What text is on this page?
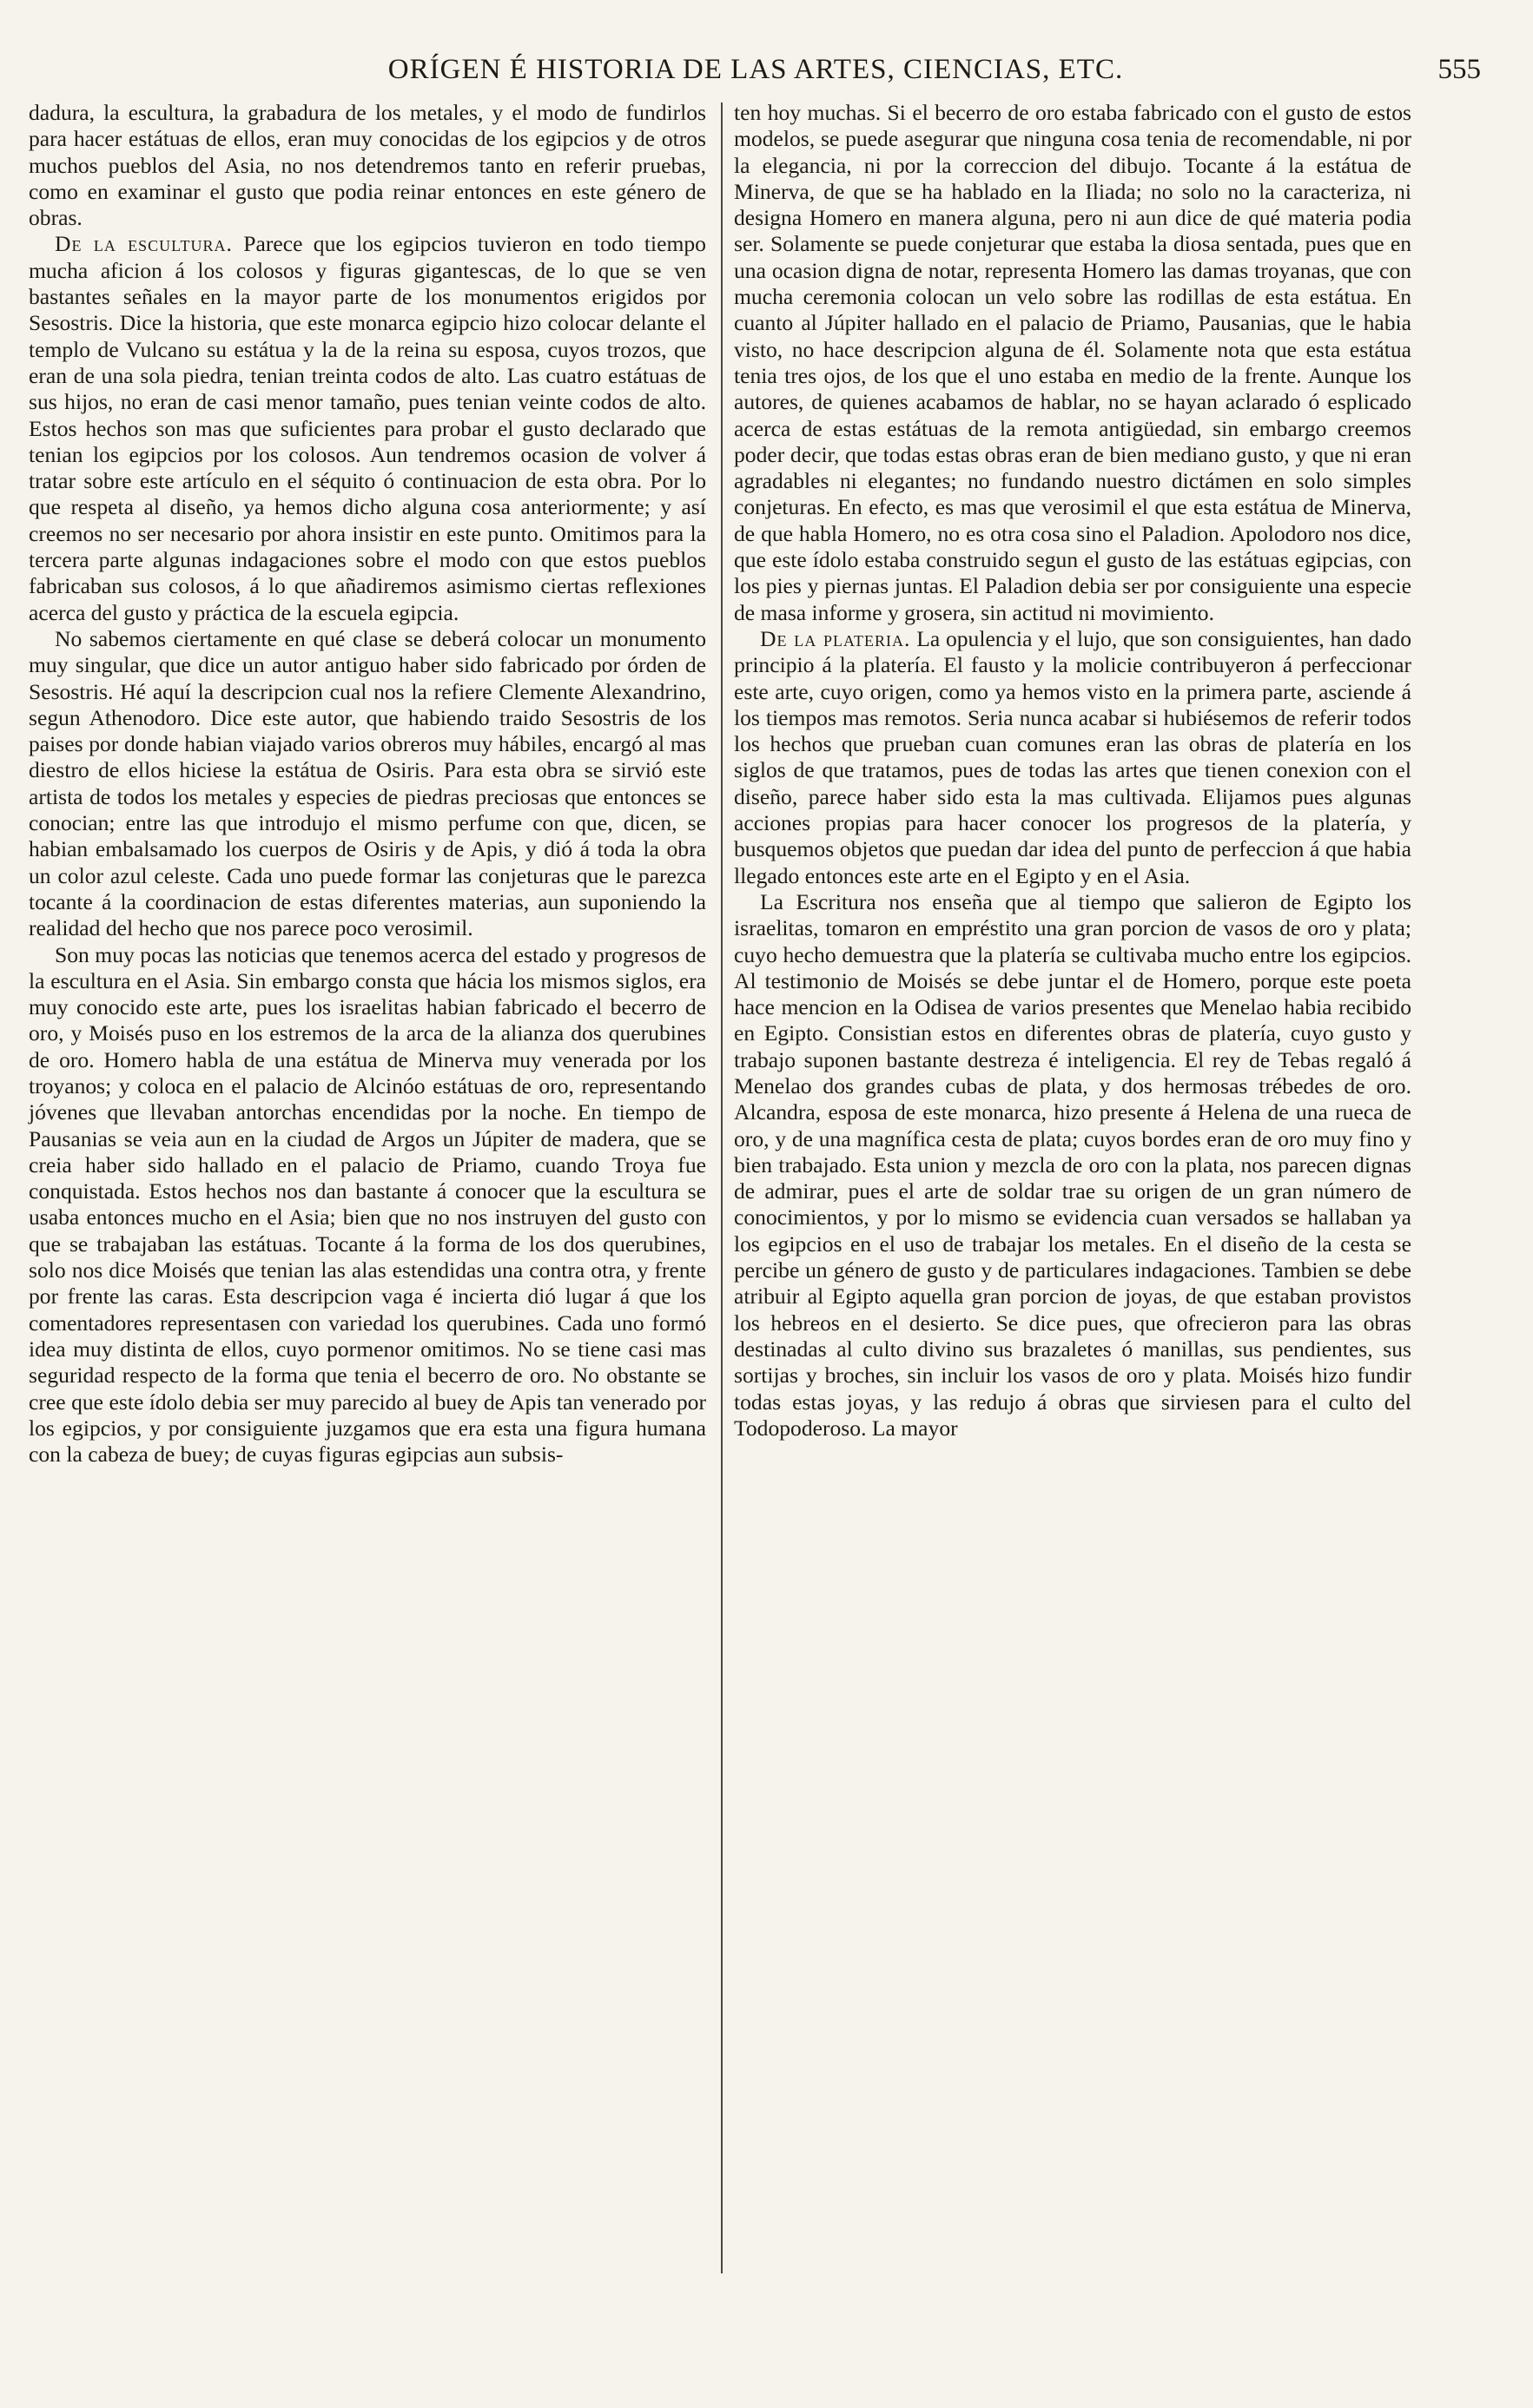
ORÍGEN É HISTORIA DE LAS ARTES, CIENCIAS, ETC.	555

dadura, la escultura, la grabadura de los metales, y el modo de fundirlos para hacer estátuas de ellos, eran muy conocidas de los egipcios y de otros muchos pueblos del Asia, no nos detendremos tanto en referir pruebas, como en examinar el gusto que podia reinar entonces en este género de obras.

De la escultura. Parece que los egipcios tuvieron en todo tiempo mucha aficion á los colosos y figuras gigantescas, de lo que se ven bastantes señales en la mayor parte de los monumentos erigidos por Sesostris. Dice la historia, que este monarca egipcio hizo colocar delante el templo de Vulcano su estátua y la de la reina su esposa, cuyos trozos, que eran de una sola piedra, tenian treinta codos de alto. Las cuatro estátuas de sus hijos, no eran de casi menor tamaño, pues tenian veinte codos de alto. Estos hechos son mas que suficientes para probar el gusto declarado que tenian los egipcios por los colosos. Aun tendremos ocasion de volver á tratar sobre este artículo en el séquito ó continuacion de esta obra. Por lo que respeta al diseño, ya hemos dicho alguna cosa anteriormente; y así creemos no ser necesario por ahora insistir en este punto. Omitimos para la tercera parte algunas indagaciones sobre el modo con que estos pueblos fabricaban sus colosos, á lo que añadiremos asimismo ciertas reflexiones acerca del gusto y práctica de la escuela egipcia.

No sabemos ciertamente en qué clase se deberá colocar un monumento muy singular, que dice un autor antiguo haber sido fabricado por órden de Sesostris. Hé aquí la descripcion cual nos la refiere Clemente Alexandrino, segun Athenodoro. Dice este autor, que habiendo traido Sesostris de los paises por donde habian viajado varios obreros muy hábiles, encargó al mas diestro de ellos hiciese la estátua de Osiris. Para esta obra se sirvió este artista de todos los metales y especies de piedras preciosas que entonces se conocian; entre las que introdujo el mismo perfume con que, dicen, se habian embalsamado los cuerpos de Osiris y de Apis, y dió á toda la obra un color azul celeste. Cada uno puede formar las conjeturas que le parezca tocante á la coordinacion de estas diferentes materias, aun suponiendo la realidad del hecho que nos parece poco verosimil.

Son muy pocas las noticias que tenemos acerca del estado y progresos de la escultura en el Asia. Sin embargo consta que hácia los mismos siglos, era muy conocido este arte, pues los israelitas habian fabricado el becerro de oro, y Moisés puso en los estremos de la arca de la alianza dos querubines de oro. Homero habla de una estátua de Minerva muy venerada por los troyanos; y coloca en el palacio de Alcinóo estátuas de oro, representando jóvenes que llevaban antorchas encendidas por la noche. En tiempo de Pausanias se veia aun en la ciudad de Argos un Júpiter de madera, que se creia haber sido hallado en el palacio de Priamo, cuando Troya fue conquistada. Estos hechos nos dan bastante á conocer que la escultura se usaba entonces mucho en el Asia; bien que no nos instruyen del gusto con que se trabajaban las estátuas. Tocante á la forma de los dos querubines, solo nos dice Moisés que tenian las alas estendidas una contra otra, y frente por frente las caras. Esta descripcion vaga é incierta dió lugar á que los comentadores representasen con variedad los querubines. Cada uno formó idea muy distinta de ellos, cuyo pormenor omitimos. No se tiene casi mas seguridad respecto de la forma que tenia el becerro de oro. No obstante se cree que este ídolo debia ser muy parecido al buey de Apis tan venerado por los egipcios, y por consiguiente juzgamos que era esta una figura humana con la cabeza de buey; de cuyas figuras egipcias aun subsis-

ten hoy muchas. Si el becerro de oro estaba fabricado con el gusto de estos modelos, se puede asegurar que ninguna cosa tenia de recomendable, ni por la elegancia, ni por la correccion del dibujo. Tocante á la estátua de Minerva, de que se ha hablado en la Iliada; no solo no la caracteriza, ni designa Homero en manera alguna, pero ni aun dice de qué materia podia ser. Solamente se puede conjeturar que estaba la diosa sentada, pues que en una ocasion digna de notar, representa Homero las damas troyanas, que con mucha ceremonia colocan un velo sobre las rodillas de esta estátua. En cuanto al Júpiter hallado en el palacio de Priamo, Pausanias, que le habia visto, no hace descripcion alguna de él. Solamente nota que esta estátua tenia tres ojos, de los que el uno estaba en medio de la frente. Aunque los autores, de quienes acabamos de hablar, no se hayan aclarado ó esplicado acerca de estas estátuas de la remota antigüedad, sin embargo creemos poder decir, que todas estas obras eran de bien mediano gusto, y que ni eran agradables ni elegantes; no fundando nuestro dictámen en solo simples conjeturas. En efecto, es mas que verosimil el que esta estátua de Minerva, de que habla Homero, no es otra cosa sino el Paladion. Apolodoro nos dice, que este ídolo estaba construido segun el gusto de las estátuas egipcias, con los pies y piernas juntas. El Paladion debia ser por consiguiente una especie de masa informe y grosera, sin actitud ni movimiento.

De la plateria. La opulencia y el lujo, que son consiguientes, han dado principio á la platería. El fausto y la molicie contribuyeron á perfeccionar este arte, cuyo origen, como ya hemos visto en la primera parte, asciende á los tiempos mas remotos. Seria nunca acabar si hubiésemos de referir todos los hechos que prueban cuan comunes eran las obras de platería en los siglos de que tratamos, pues de todas las artes que tienen conexion con el diseño, parece haber sido esta la mas cultivada. Elijamos pues algunas acciones propias para hacer conocer los progresos de la platería, y busquemos objetos que puedan dar idea del punto de perfeccion á que habia llegado entonces este arte en el Egipto y en el Asia.

La Escritura nos enseña que al tiempo que salieron de Egipto los israelitas, tomaron en empréstito una gran porcion de vasos de oro y plata; cuyo hecho demuestra que la platería se cultivaba mucho entre los egipcios. Al testimonio de Moisés se debe juntar el de Homero, porque este poeta hace mencion en la Odisea de varios presentes que Menelao habia recibido en Egipto. Consistian estos en diferentes obras de platería, cuyo gusto y trabajo suponen bastante destreza é inteligencia. El rey de Tebas regaló á Menelao dos grandes cubas de plata, y dos hermosas trébedes de oro. Alcandra, esposa de este monarca, hizo presente á Helena de una rueca de oro, y de una magnífica cesta de plata; cuyos bordes eran de oro muy fino y bien trabajado. Esta union y mezcla de oro con la plata, nos parecen dignas de admirar, pues el arte de soldar trae su origen de un gran número de conocimientos, y por lo mismo se evidencia cuan versados se hallaban ya los egipcios en el uso de trabajar los metales. En el diseño de la cesta se percibe un género de gusto y de particulares indagaciones. Tambien se debe atribuir al Egipto aquella gran porcion de joyas, de que estaban provistos los hebreos en el desierto. Se dice pues, que ofrecieron para las obras destinadas al culto divino sus brazaletes ó manillas, sus pendientes, sus sortijas y broches, sin incluir los vasos de oro y plata. Moisés hizo fundir todas estas joyas, y las redujo á obras que sirviesen para el culto del Todopoderoso. La mayor
